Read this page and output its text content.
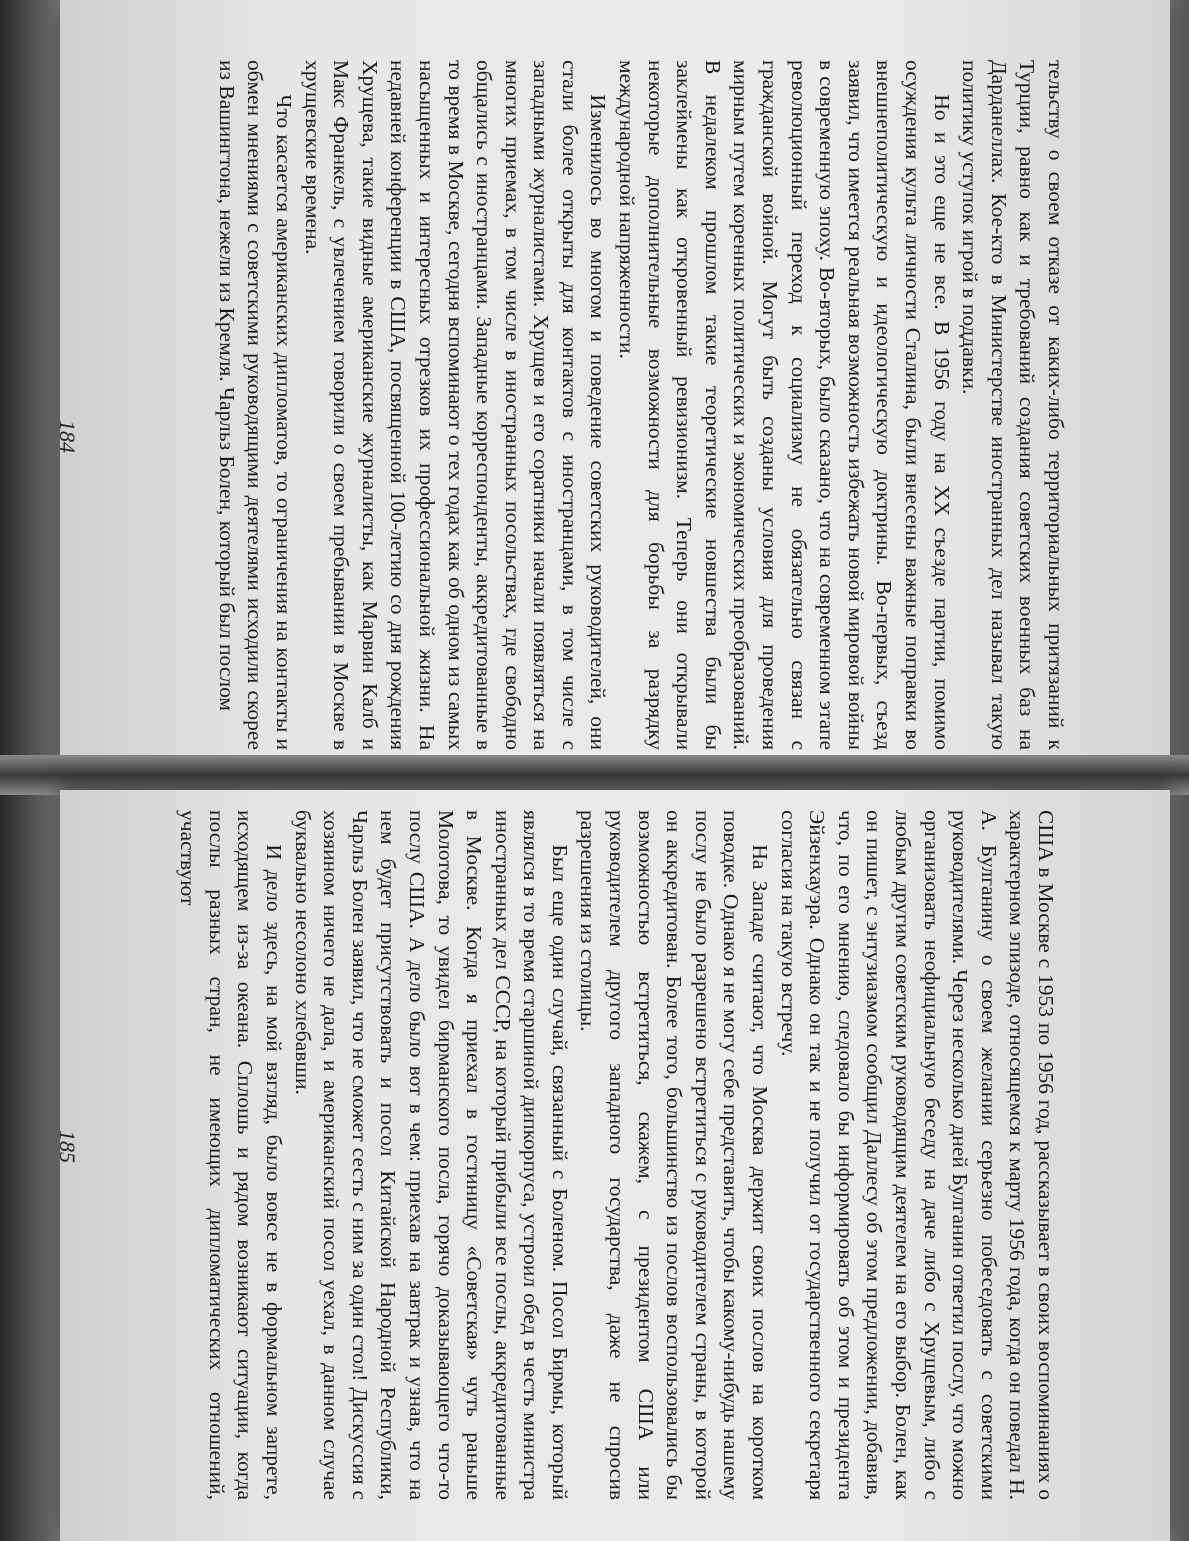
тельству о своем отказе от каких-либо территориальных притязаний к Турции, равно как и требований создания советских военных баз на Дарданеллах. Кое-кто в Министерстве иностранных дел называл такую политику уступок игрой в поддавки.

Но и это еще не все. В 1956 году на XX съезде партии, помимо осуждения культа личности Сталина, были внесены важные поправки во внешнеполитическую и идеологическую доктрины. Во-первых, съезд заявил, что имеется реальная возможность избежать новой мировой войны в современную эпоху. Во-вторых, было сказано, что на современном этапе революционный переход к социализму не обязательно связан с гражданской войной. Могут быть созданы условия для проведения мирным путем коренных политических и экономических преобразований. В недалеком прошлом такие теоретические новшества были бы заклеймены как откровенный ревизионизм. Теперь они открывали некоторые дополнительные возможности для борьбы за разрядку международной напряженности.

Изменилось во многом и поведение советских руководителей, они стали более открыты для контактов с иностранцами, в том числе с западными журналистами. Хрущев и его соратники начали появляться на многих приемах, в том числе в иностранных посольствах, где свободно общались с иностранцами. Западные корреспонденты, аккредитованные в то время в Москве, сегодня вспоминают о тех годах как об одном из самых насыщенных и интересных отрезков их профессиональной жизни. На недавней конференции в США, посвященной 100-летию со дня рождения Хрущева, такие видные американские журналисты, как Марвин Калб и Макс Франкель, с увлечением говорили о своем пребывании в Москве в хрущевские времена.

Что касается американских дипломатов, то ограничения на контакты и обмен мнениями с советскими руководящими деятелями исходили скорее из Вашингтона, нежели из Кремля. Чарльз Болен, который был послом

184

США в Москве с 1953 по 1956 год, рассказывает в своих воспоминаниях о характерном эпизоде, относящемся к марту 1956 года, когда он поведал Н. А. Булганину о своем желании серьезно побеседовать с советскими руководителями. Через несколько дней Булганин ответил послу, что можно организовать неофициальную беседу на даче либо с Хрущевым, либо с любым другим советским руководящим деятелем на его выбор. Болен, как он пишет, с энтузиазмом сообщил Даллесу об этом предложении, добавив, что, по его мнению, следовало бы информировать об этом и президента Эйзенхауэра. Однако он так и не получил от государственного секретаря согласия на такую встречу.

На Западе считают, что Москва держит своих послов на коротком поводке. Однако я не могу себе представить, чтобы какому-нибудь нашему послу не было разрешено встретиться с руководителем страны, в которой он аккредитован. Более того, большинство из послов воспользовались бы возможностью встретиться, скажем, с президентом США или руководителем другого западного государства, даже не спросив разрешения из столицы.

Был еще один случай, связанный с Боленом. Посол Бирмы, который являлся в то время старшиной дипкорпуса, устроил обед в честь министра иностранных дел СССР, на который прибыли все послы, аккредитованные в Москве. Когда я приехал в гостиницу «Советская» чуть раньше Молотова, то увидел бирманского посла, горячо доказывающего что-то послу США. А дело было вот в чем: приехав на завтрак и узнав, что на нем будет присутствовать и посол Китайской Народной Республики, Чарльз Болен заявил, что не сможет сесть с ним за один стол! Дискуссия с хозяином ничего не дала, и американский посол уехал, в данном случае буквально несолоно хлебавши.

И дело здесь, на мой взгляд, было вовсе не в формальном запрете, исходящем из-за океана. Сплошь и рядом возникают ситуации, когда послы разных стран, не имеющих дипломатических отношений, участвуют

185
